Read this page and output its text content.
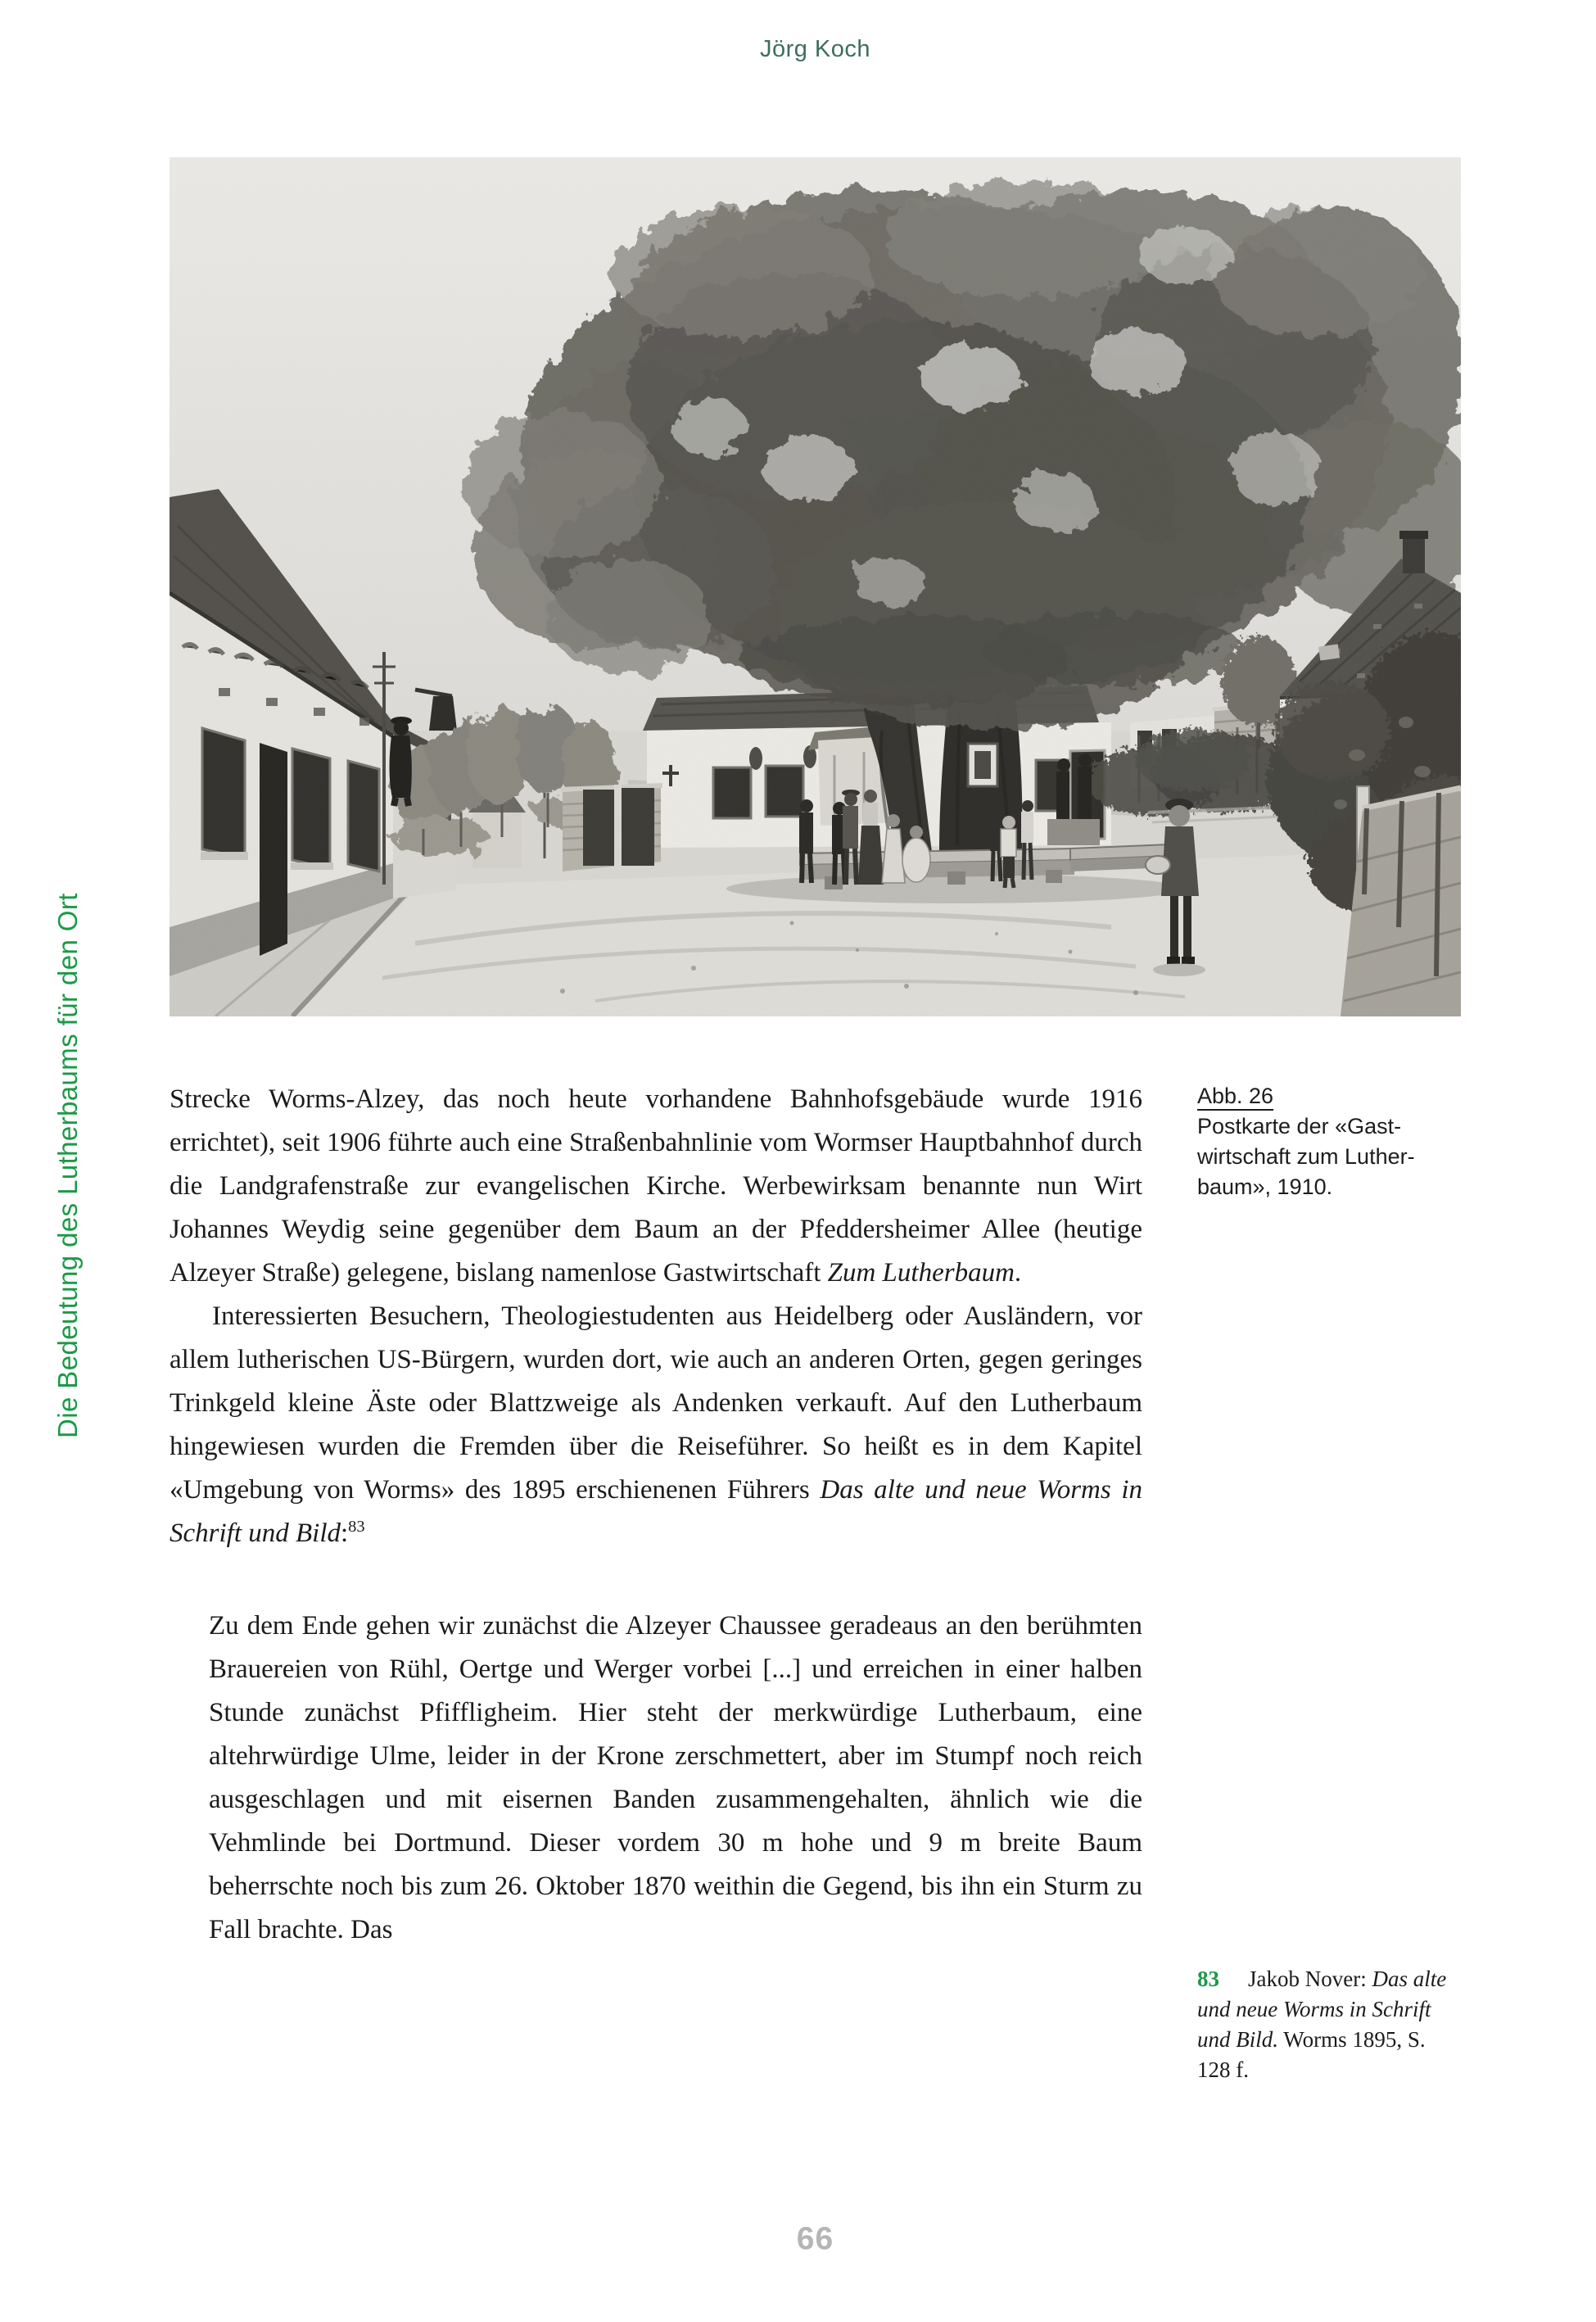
Jörg Koch
Die Bedeutung des Lutherbaums für den Ort	Abb. 26
Postkarte der «Gast-
wirtschaft zum Luther-
baum», 1910.

Strecke Worms-Alzey, das noch heute vorhandene Bahnhofsgebäude wurde 1916 errichtet), seit 1906 führte auch eine Straßenbahnlinie vom Wormser Hauptbahnhof durch die Landgrafenstraße zur evangelischen Kirche. Werbewirksam benannte nun Wirt Johannes Weydig seine gegenüber dem Baum an der Pfeddersheimer Allee (heutige Alzeyer Straße) gelegene, bislang namenlose Gastwirtschaft Zum Lutherbaum.

Interessierten Besuchern, Theologiestudenten aus Heidelberg oder Ausländern, vor allem lutherischen US-Bürgern, wurden dort, wie auch an anderen Orten, gegen geringes Trinkgeld kleine Äste oder Blattzweige als Andenken verkauft. Auf den Lutherbaum hingewiesen wurden die Fremden über die Reiseführer. So heißt es in dem Kapitel «Umgebung von Worms» des 1895 erschienenen Führers Das alte und neue Worms in Schrift und Bild:$^{83}$

Zu dem Ende gehen wir zunächst die Alzeyer Chaussee geradeaus an den berühmten Brauereien von Rühl, Oertge und Werger vorbei [...] und erreichen in einer halben Stunde zunächst Pfiffligheim. Hier steht der merkwürdige Lutherbaum, eine altehrwürdige Ulme, leider in der Krone zerschmettert, aber im Stumpf noch reich ausgeschlagen und mit eisernen Banden zusammengehalten, ähnlich wie die Vehmlinde bei Dortmund. Dieser vordem 30 m hohe und 9 m breite Baum beherrschte noch bis zum 26. Oktober 1870 weithin die Gegend, bis ihn ein Sturm zu Fall brachte. Das
83 Jakob Nover: Das alte und neue Worms in Schrift und Bild. Worms 1895, S. 128 f.
66
